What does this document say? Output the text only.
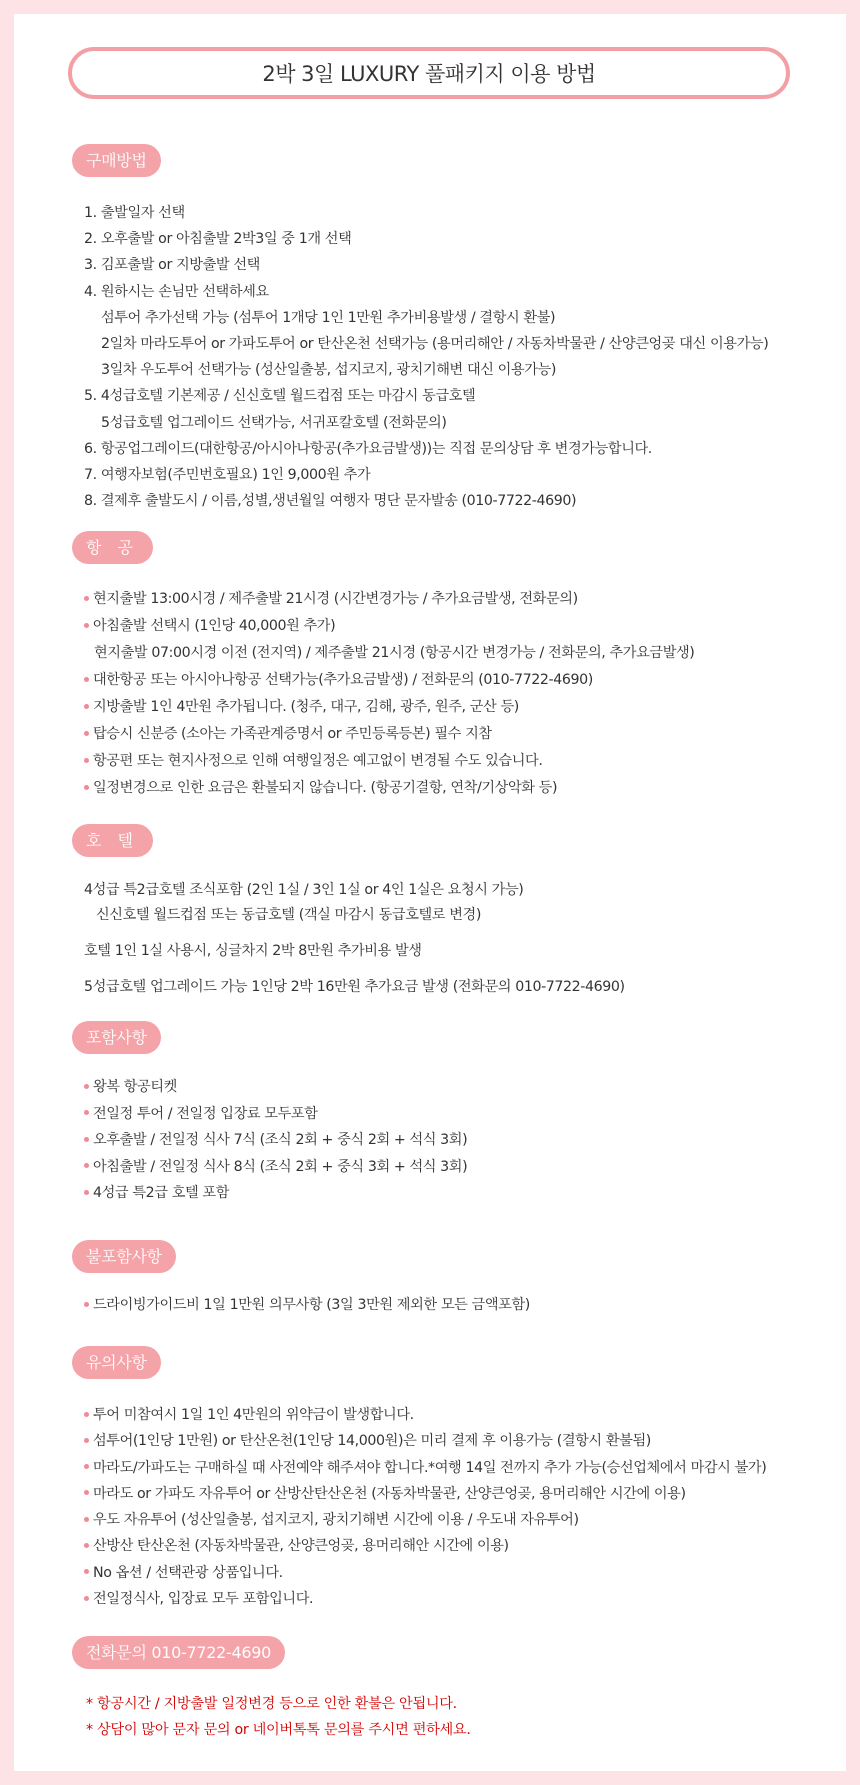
2박 3일 LUXURY 풀패키지 이용 방법
구매방법
1. 출발일자 선택
2. 오후출발 or 아침출발 2박3일 중 1개 선택
3. 김포출발 or 지방출발 선택
4. 원하시는 손님만 선택하세요
섬투어 추가선택 가능 (섬투어 1개당 1인 1만원 추가비용발생 / 결항시 환불)
2일차 마라도투어 or 가파도투어 or 탄산온천 선택가능 (용머리해안 / 자동차박물관 / 산양큰엉곶 대신 이용가능)
3일차 우도투어 선택가능 (성산일출봉, 섭지코지, 광치기해변 대신 이용가능)
5. 4성급호텔 기본제공 / 신신호텔 월드컵점 또는 마감시 동급호텔
5성급호텔 업그레이드 선택가능, 서귀포칼호텔 (전화문의)
6. 항공업그레이드(대한항공/아시아나항공(추가요금발생))는 직접 문의상담 후 변경가능합니다.
7. 여행자보험(주민번호필요) 1인 9,000원 추가
8. 결제후 출발도시 / 이름,성별,생년월일 여행자 명단 문자발송 (010-7722-4690)
항공
현지출발 13:00시경 / 제주출발 21시경 (시간변경가능 / 추가요금발생, 전화문의)
아침출발 선택시 (1인당 40,000원 추가)
현지출발 07:00시경 이전 (전지역) / 제주출발 21시경 (항공시간 변경가능 / 전화문의, 추가요금발생)
대한항공 또는 아시아나항공 선택가능(추가요금발생) / 전화문의 (010-7722-4690)
지방출발 1인 4만원 추가됩니다. (청주, 대구, 김해, 광주, 원주, 군산 등)
탑승시 신분증 (소아는 가족관계증명서 or 주민등록등본) 필수 지참
항공편 또는 현지사정으로 인해 여행일정은 예고없이 변경될 수도 있습니다.
일정변경으로 인한 요금은 환불되지 않습니다. (항공기결항, 연착/기상악화 등)
호텔
4성급 특2급호텔 조식포함 (2인 1실 / 3인 1실 or 4인 1실은 요청시 가능)
신신호텔 월드컵점 또는 동급호텔 (객실 마감시 동급호텔로 변경)
호텔 1인 1실 사용시, 싱글차지 2박 8만원 추가비용 발생
5성급호텔 업그레이드 가능 1인당 2박 16만원 추가요금 발생 (전화문의 010-7722-4690)
포함사항
왕복 항공티켓
전일정 투어 / 전일정 입장료 모두포함
오후출발 / 전일정 식사 7식 (조식 2회 + 중식 2회 + 석식 3회)
아침출발 / 전일정 식사 8식 (조식 2회 + 중식 3회 + 석식 3회)
4성급 특2급 호텔 포함
불포함사항
드라이빙가이드비 1일 1만원 의무사항 (3일 3만원 제외한 모든 금액포함)
유의사항
투어 미참여시 1일 1인 4만원의 위약금이 발생합니다.
섬투어(1인당 1만원) or 탄산온천(1인당 14,000원)은 미리 결제 후 이용가능 (결항시 환불됨)
마라도/가파도는 구매하실 때 사전예약 해주셔야 합니다.*여행 14일 전까지 추가 가능(승선업체에서 마감시 불가)
마라도 or 가파도 자유투어 or 산방산탄산온천 (자동차박물관, 산양큰엉곶, 용머리해안 시간에 이용)
우도 자유투어 (성산일출봉, 섭지코지, 광치기해변 시간에 이용 / 우도내 자유투어)
산방산 탄산온천 (자동차박물관, 산양큰엉곶, 용머리해안 시간에 이용)
No 옵션 / 선택관광 상품입니다.
전일정식사, 입장료 모두 포함입니다.
전화문의 010-7722-4690
* 항공시간 / 지방출발 일정변경 등으로 인한 환불은 안됩니다.
* 상담이 많아 문자 문의 or 네이버톡톡 문의를 주시면 편하세요.
